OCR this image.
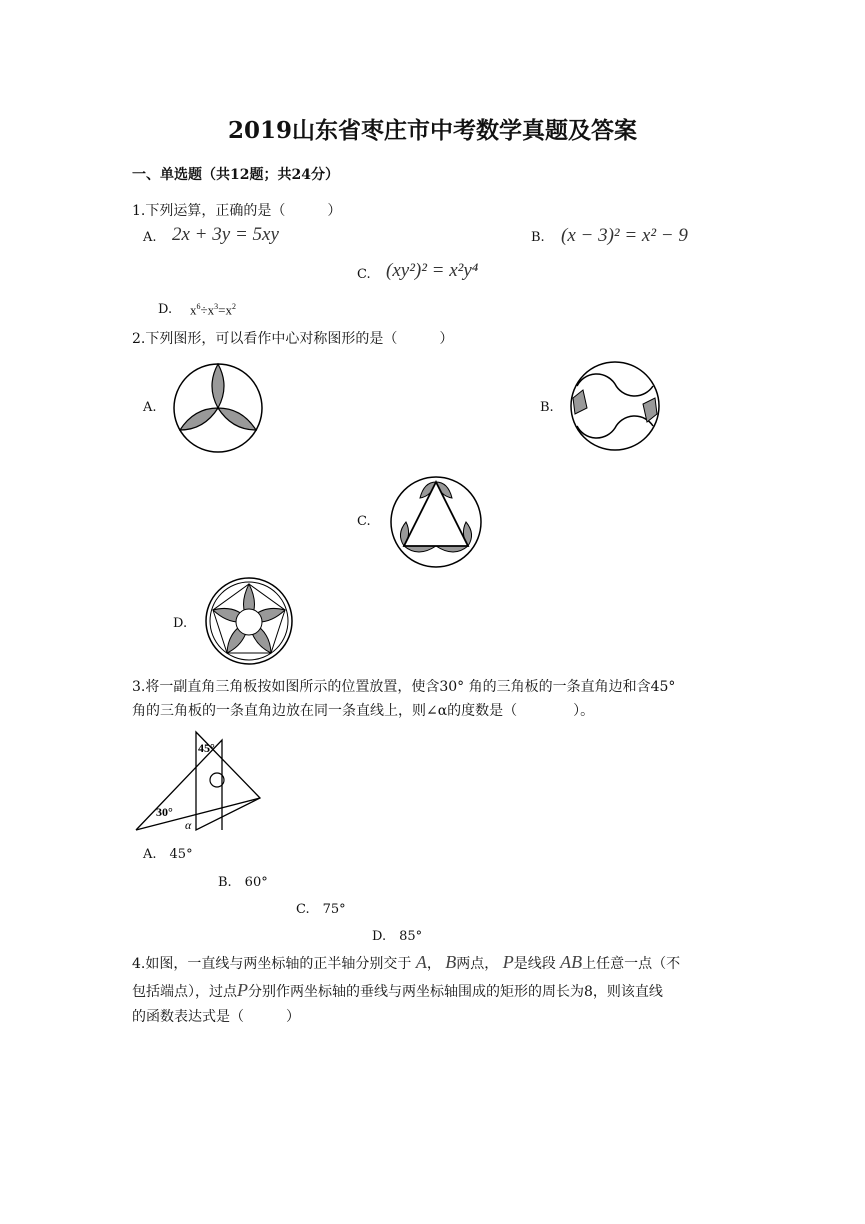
2019山东省枣庄市中考数学真题及答案
一、单选题（共12题；共24分）
1.下列运算，正确的是（　　　）
A. 2x + 3y = 5xy	B. (x − 3)² = x² − 9
C. (xy²)² = x²y⁴
D. $x^6\div x^3=x^2$
2.下列图形，可以看作中心对称图形的是（　　　）
A.	B.
C.
D.
3.将一副直角三角板按如图所示的位置放置，使含30° 角的三角板的一条直角边和含45°
角的三角板的一条直角边放在同一条直线上，则∠α的度数是（　　　　）。
45°
30°
α
A.　45°
B.　60°
C.　75°
D.　85°
4.如图，一直线与两坐标轴的正半轴分别交于 A， B两点， P是线段 AB上任意一点（不
包括端点），过点P分别作两坐标轴的垂线与两坐标轴围成的矩形的周长为8，则该直线
的函数表达式是（　　　）
